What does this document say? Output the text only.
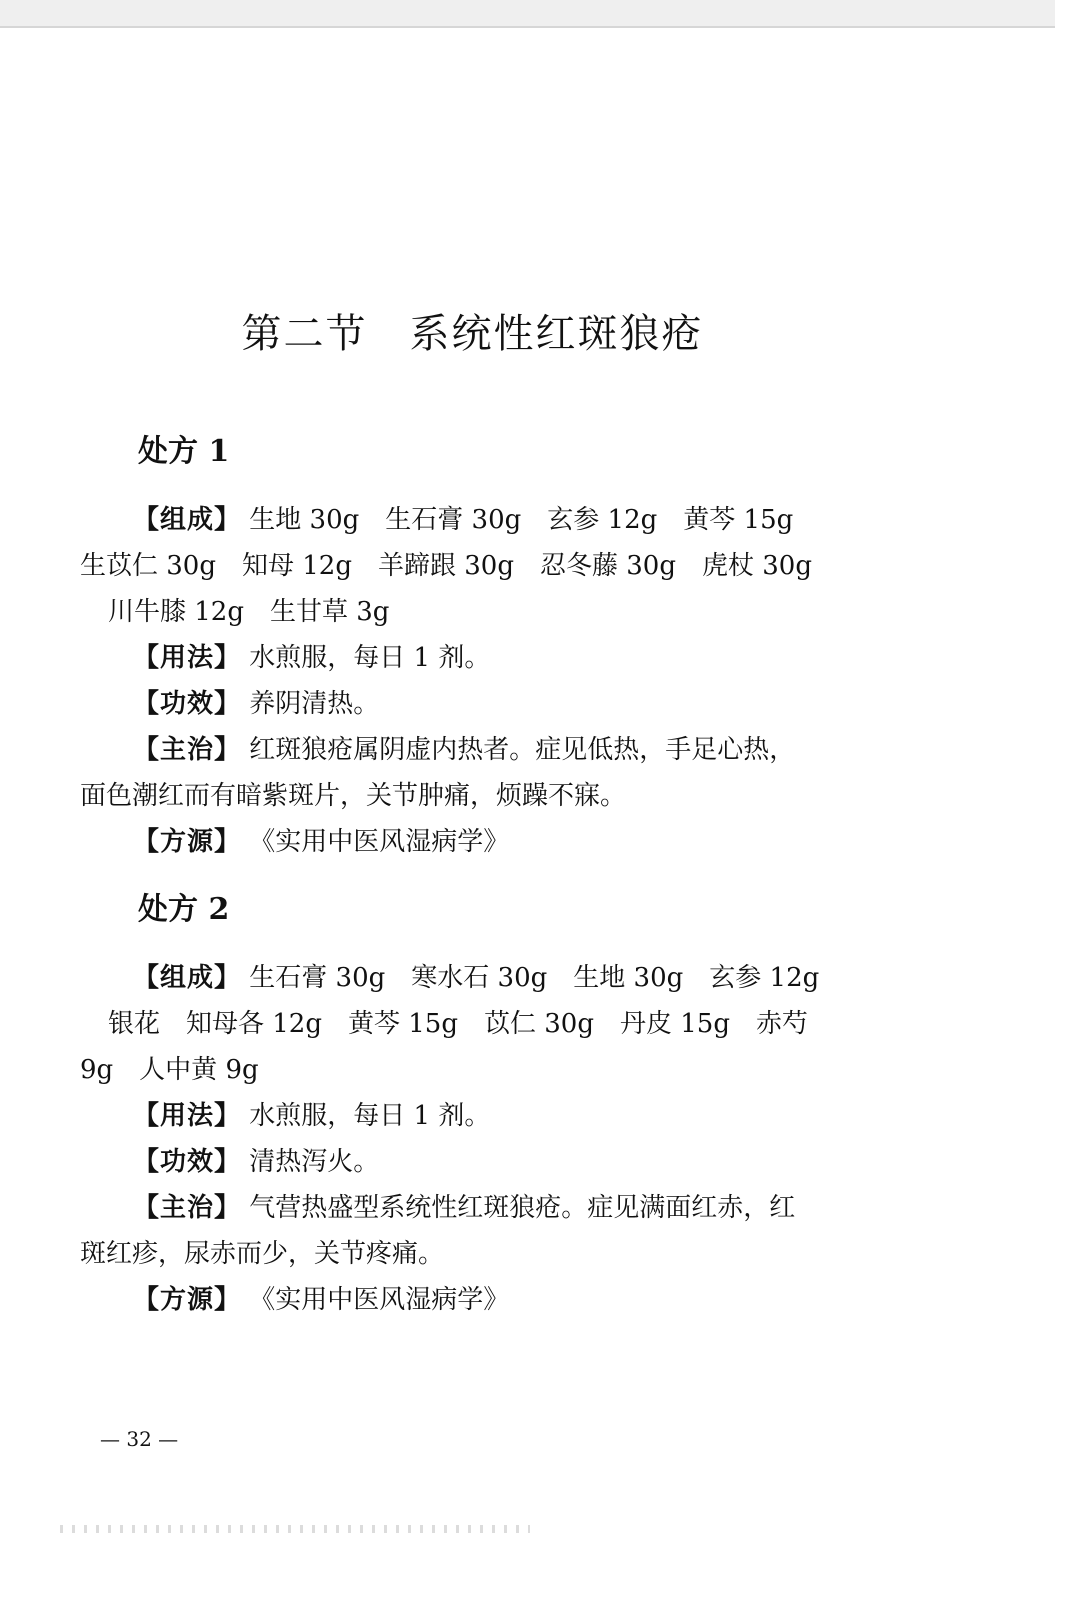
第二节　系统性红斑狼疮
处方 1
【组成】 生地 30g　生石膏 30g　玄参 12g　黄芩 15g
生苡仁 30g　知母 12g　羊蹄跟 30g　忍冬藤 30g　虎杖 30g
川牛膝 12g　生甘草 3g
【用法】 水煎服，每日 1 剂。
【功效】 养阴清热。
【主治】 红斑狼疮属阴虚内热者。症见低热，手足心热，
面色潮红而有暗紫斑片，关节肿痛，烦躁不寐。
【方源】 《实用中医风湿病学》
处方 2
【组成】 生石膏 30g　寒水石 30g　生地 30g　玄参 12g
银花　知母各 12g　黄芩 15g　苡仁 30g　丹皮 15g　赤芍
9g　人中黄 9g
【用法】 水煎服，每日 1 剂。
【功效】 清热泻火。
【主治】 气营热盛型系统性红斑狼疮。症见满面红赤，红
斑红疹，尿赤而少，关节疼痛。
【方源】 《实用中医风湿病学》
— 32 —
